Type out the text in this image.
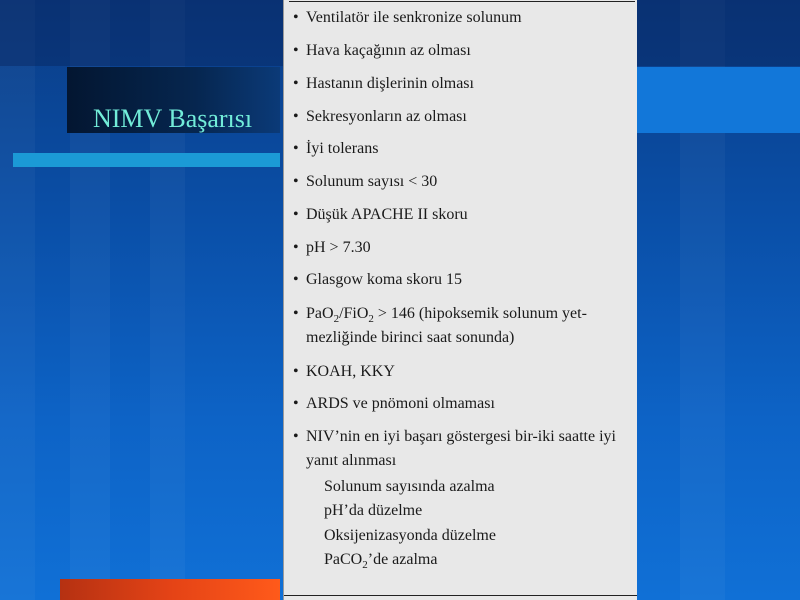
NIMV Başarısı

• Ventilatör ile senkronize solunum

• Hava kaçağının az olması

• Hastanın dişlerinin olması

• Sekresyonların az olması

• İyi tolerans

• Solunum sayısı < 30

• Düşük APACHE II skoru

• pH > 7.30

• Glasgow koma skoru 15

• PaO$_2$/FiO$_2$ > 146 (hipoksemik solunum yet-
mezliğinde birinci saat sonunda)

• KOAH, KKY

• ARDS ve pnömoni olmaması

• NIV’nin en iyi başarı göstergesi bir-iki saatte iyi
yanıt alınması

Solunum sayısında azalma
pH’da düzelme
Oksijenizasyonda düzelme
PaCO$_2$’de azalma
